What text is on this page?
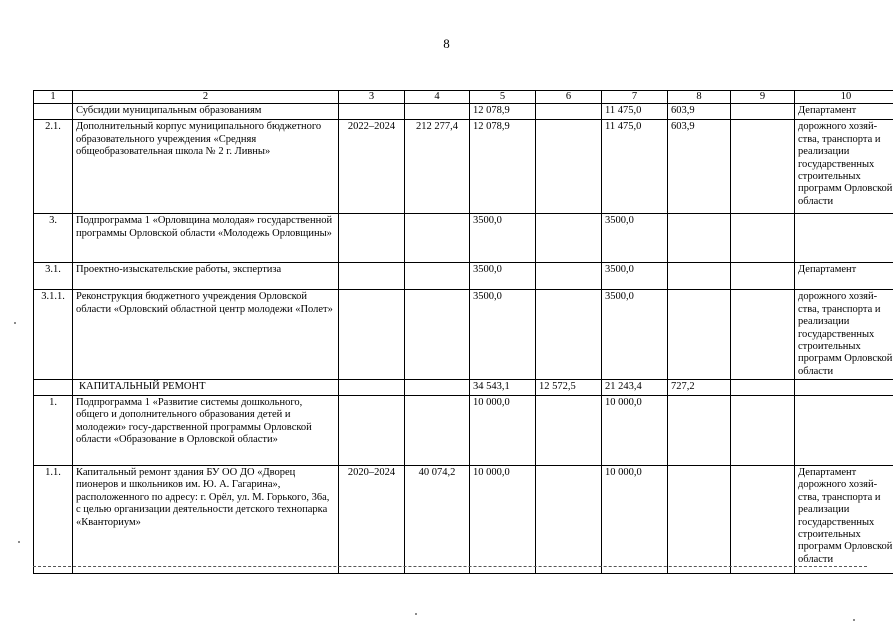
8
1	2	3	4	5	6	7	8	9	10
	Субсидии муниципальным образованиям			12 078,9		11 475,0	603,9		Департамент
2.1.	Дополнительный корпус муниципального бюджетного образовательного учреждения «Средняя общеобразовательная школа № 2 г. Ливны»	2022–2024	212 277,4	12 078,9		11 475,0	603,9		дорожного хозяй-ства, транспорта и реализации государственных строительных программ Орловской области
3.	Подпрограмма 1 «Орловщина молодая» государственной программы Орловской области «Молодежь Орловщины»			3500,0		3500,0			
3.1.	Проектно-изыскательские работы, экспертиза			3500,0		3500,0			Департамент
3.1.1.	Реконструкция бюджетного учреждения Орловской области «Орловский областной центр молодежи «Полет»			3500,0		3500,0			дорожного хозяй-ства, транспорта и реализации государственных строительных программ Орловской области
	КАПИТАЛЬНЫЙ РЕМОНТ			34 543,1	12 572,5	21 243,4	727,2		
1.	Подпрограмма 1 «Развитие системы дошкольного, общего и дополнительного образования детей и молодежи» госу-дарственной программы Орловской области «Образование в Орловской области»			10 000,0		10 000,0			
1.1.	Капитальный ремонт здания БУ ОО ДО «Дворец пионеров и школьников им. Ю. А. Гагарина», расположенного по адресу: г. Орёл, ул. М. Горького, 36а, с целью организации деятельности детского технопарка «Кванториум»	2020–2024	40 074,2	10 000,0		10 000,0			Департамент дорожного хозяй-ства, транспорта и реализации государственных строительных программ Орловской области
